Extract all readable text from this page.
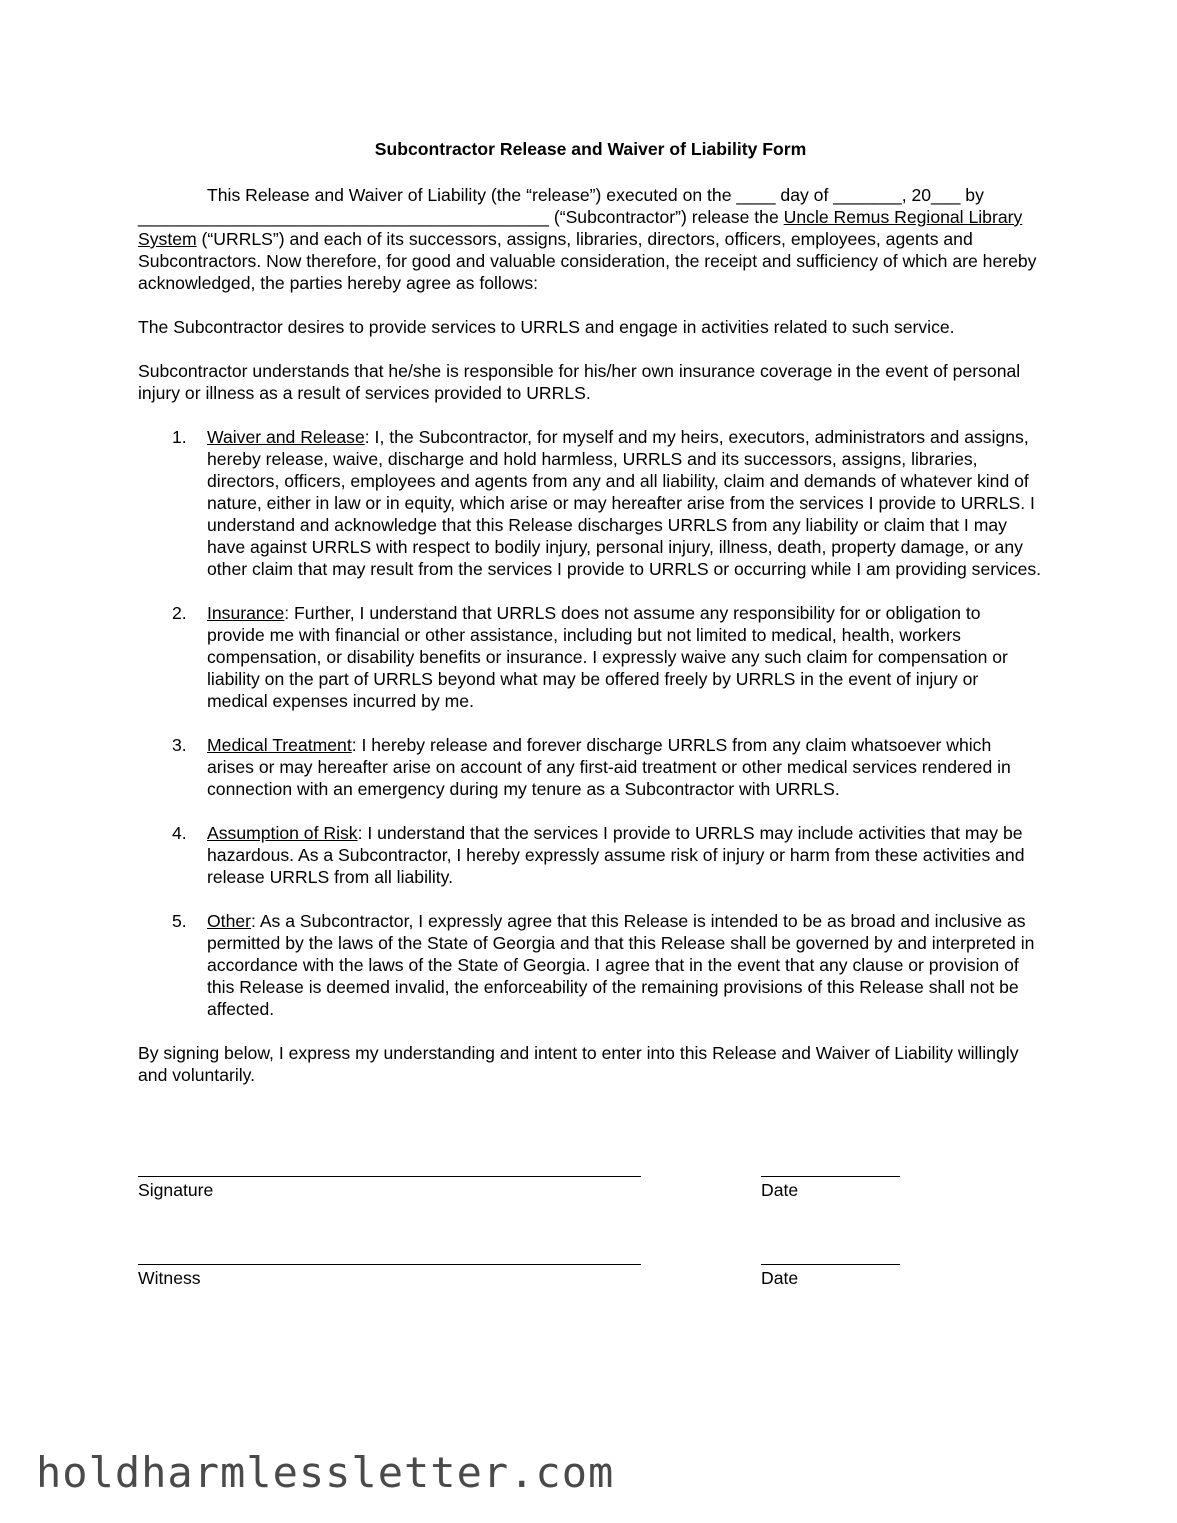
Subcontractor Release and Waiver of Liability Form

This Release and Waiver of Liability (the “release”) executed on the ____ day of _______, 20___ by __________________________________________ (“Subcontractor”) release the Uncle Remus Regional Library System (“URRLS”) and each of its successors, assigns, libraries, directors, officers, employees, agents and Subcontractors. Now therefore, for good and valuable consideration, the receipt and sufficiency of which are hereby acknowledged, the parties hereby agree as follows:

The Subcontractor desires to provide services to URRLS and engage in activities related to such service.

Subcontractor understands that he/she is responsible for his/her own insurance coverage in the event of personal injury or illness as a result of services provided to URRLS.

1. Waiver and Release: I, the Subcontractor, for myself and my heirs, executors, administrators and assigns, hereby release, waive, discharge and hold harmless, URRLS and its successors, assigns, libraries, directors, officers, employees and agents from any and all liability, claim and demands of whatever kind of nature, either in law or in equity, which arise or may hereafter arise from the services I provide to URRLS. I understand and acknowledge that this Release discharges URRLS from any liability or claim that I may have against URRLS with respect to bodily injury, personal injury, illness, death, property damage, or any other claim that may result from the services I provide to URRLS or occurring while I am providing services.
2. Insurance: Further, I understand that URRLS does not assume any responsibility for or obligation to provide me with financial or other assistance, including but not limited to medical, health, workers compensation, or disability benefits or insurance. I expressly waive any such claim for compensation or liability on the part of URRLS beyond what may be offered freely by URRLS in the event of injury or medical expenses incurred by me.
3. Medical Treatment: I hereby release and forever discharge URRLS from any claim whatsoever which arises or may hereafter arise on account of any first-aid treatment or other medical services rendered in connection with an emergency during my tenure as a Subcontractor with URRLS.
4. Assumption of Risk: I understand that the services I provide to URRLS may include activities that may be hazardous. As a Subcontractor, I hereby expressly assume risk of injury or harm from these activities and release URRLS from all liability.
5. Other: As a Subcontractor, I expressly agree that this Release is intended to be as broad and inclusive as permitted by the laws of the State of Georgia and that this Release shall be governed by and interpreted in accordance with the laws of the State of Georgia. I agree that in the event that any clause or provision of this Release is deemed invalid, the enforceability of the remaining provisions of this Release shall not be affected.

By signing below, I express my understanding and intent to enter into this Release and Waiver of Liability willingly and voluntarily.

Signature	Date
Witness	Date
holdharmlessletter.com
